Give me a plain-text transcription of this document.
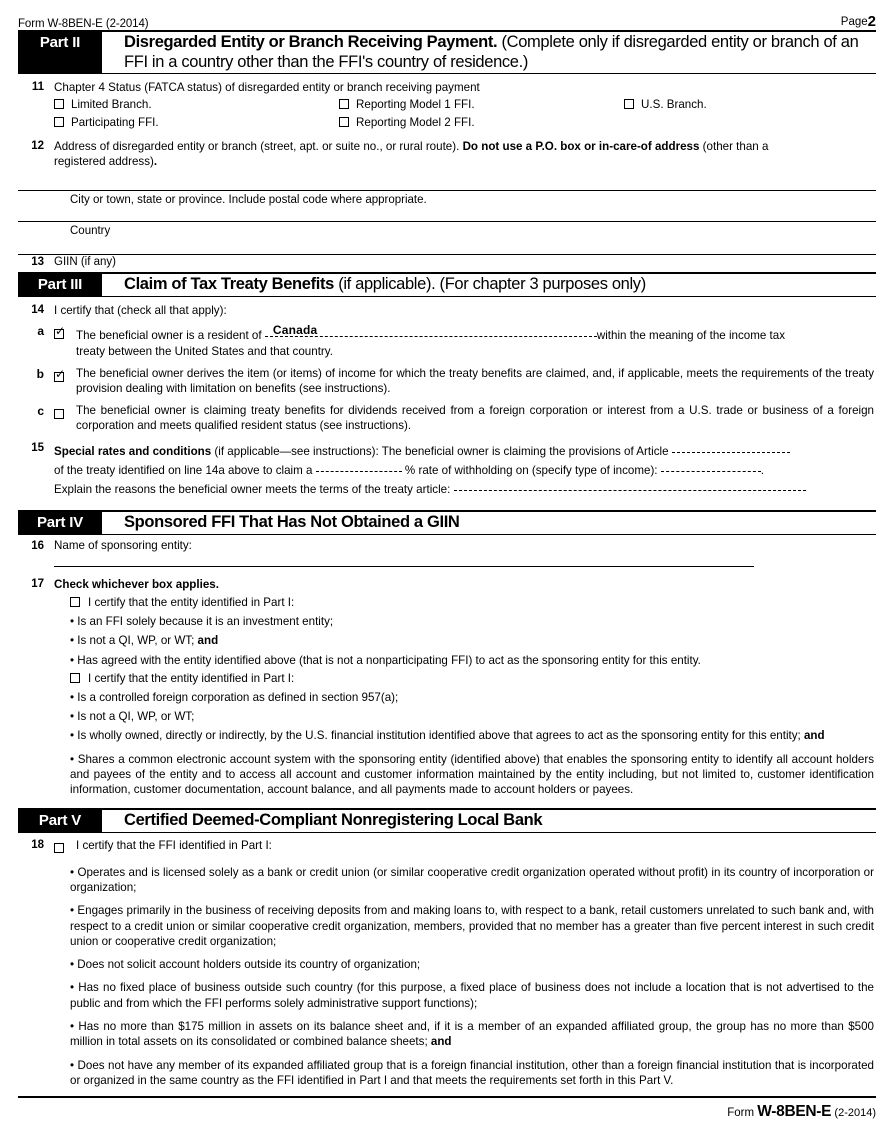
Form W-8BEN-E (2-2014)	Page2
Part II	Disregarded Entity or Branch Receiving Payment. (Complete only if disregarded entity or branch of an
FFI in a country other than the FFI's country of residence.)
11 Chapter 4 Status (FATCA status) of disregarded entity or branch receiving payment
Limited Branch.	Reporting Model 1 FFI.	U.S. Branch.
Participating FFI.	Reporting Model 2 FFI.
12 Address of disregarded entity or branch (street, apt. or suite no., or rural route). Do not use a P.O. box or in-care-of address (other than a
registered address).
City or town, state or province. Include postal code where appropriate.
Country
13 GIIN (if any)
Part III	Claim of Tax Treaty Benefits (if applicable). (For chapter 3 purposes only)
14 I certify that (check all that apply):
a ✓	The beneficial owner is a resident of Canada	within the meaning of the income tax
treaty between the United States and that country.
b ✓	The beneficial owner derives the item (or items) of income for which the treaty benefits are claimed, and, if applicable, meets the requirements of the treaty provision dealing with limitation on benefits (see instructions).
c	The beneficial owner is claiming treaty benefits for dividends received from a foreign corporation or interest from a U.S. trade or business of a foreign corporation and meets qualified resident status (see instructions).
15 Special rates and conditions (if applicable—see instructions): The beneficial owner is claiming the provisions of Article
of the treaty identified on line 14a above to claim a	% rate of withholding on (specify type of income):	.
Explain the reasons the beneficial owner meets the terms of the treaty article:
Part IV	Sponsored FFI That Has Not Obtained a GIIN
16 Name of sponsoring entity:
17 Check whichever box applies.
I certify that the entity identified in Part I:

• Is an FFI solely because it is an investment entity;

• Is not a QI, WP, or WT; and

• Has agreed with the entity identified above (that is not a nonparticipating FFI) to act as the sponsoring entity for this entity.

I certify that the entity identified in Part I:

• Is a controlled foreign corporation as defined in section 957(a);

• Is not a QI, WP, or WT;

• Is wholly owned, directly or indirectly, by the U.S. financial institution identified above that agrees to act as the sponsoring entity for this entity; and

• Shares a common electronic account system with the sponsoring entity (identified above) that enables the sponsoring entity to identify all account holders and payees of the entity and to access all account and customer information maintained by the entity including, but not limited to, customer identification information, customer documentation, account balance, and all payments made to account holders or payees.

Part V	Certified Deemed-Compliant Nonregistering Local Bank
18	I certify that the FFI identified in Part I:

• Operates and is licensed solely as a bank or credit union (or similar cooperative credit organization operated without profit) in its country of incorporation or organization;

• Engages primarily in the business of receiving deposits from and making loans to, with respect to a bank, retail customers unrelated to such bank and, with respect to a credit union or similar cooperative credit organization, members, provided that no member has a greater than five percent interest in such credit union or cooperative credit organization;

• Does not solicit account holders outside its country of organization;

• Has no fixed place of business outside such country (for this purpose, a fixed place of business does not include a location that is not advertised to the public and from which the FFI performs solely administrative support functions);

• Has no more than $175 million in assets on its balance sheet and, if it is a member of an expanded affiliated group, the group has no more than $500 million in total assets on its consolidated or combined balance sheets; and

• Does not have any member of its expanded affiliated group that is a foreign financial institution, other than a foreign financial institution that is incorporated or organized in the same country as the FFI identified in Part I and that meets the requirements set forth in this Part V.

Form W-8BEN-E (2-2014)
